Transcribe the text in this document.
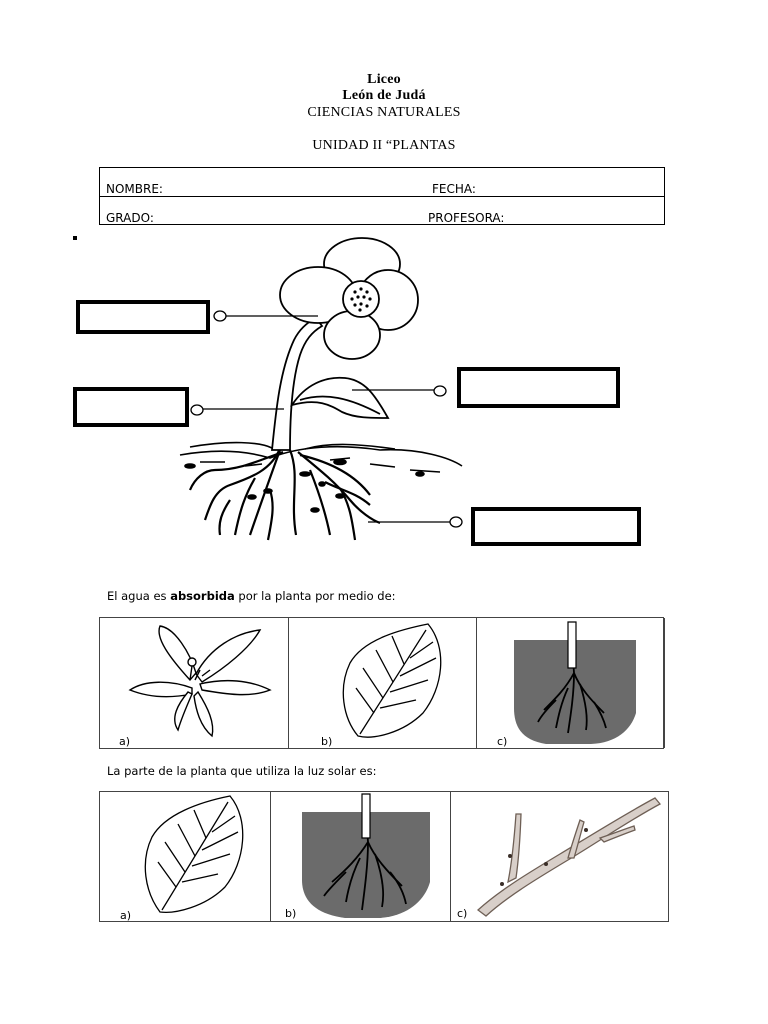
Liceo
León de Judá
CIENCIAS NATURALES
UNIDAD II “PLANTAS
NOMBRE:	FECHA:
GRADO:	PROFESORA:
El agua es absorbida por la planta por medio de:
a)	b)	c)
La parte de la planta que utiliza la luz solar es:
a)	b)	c)
